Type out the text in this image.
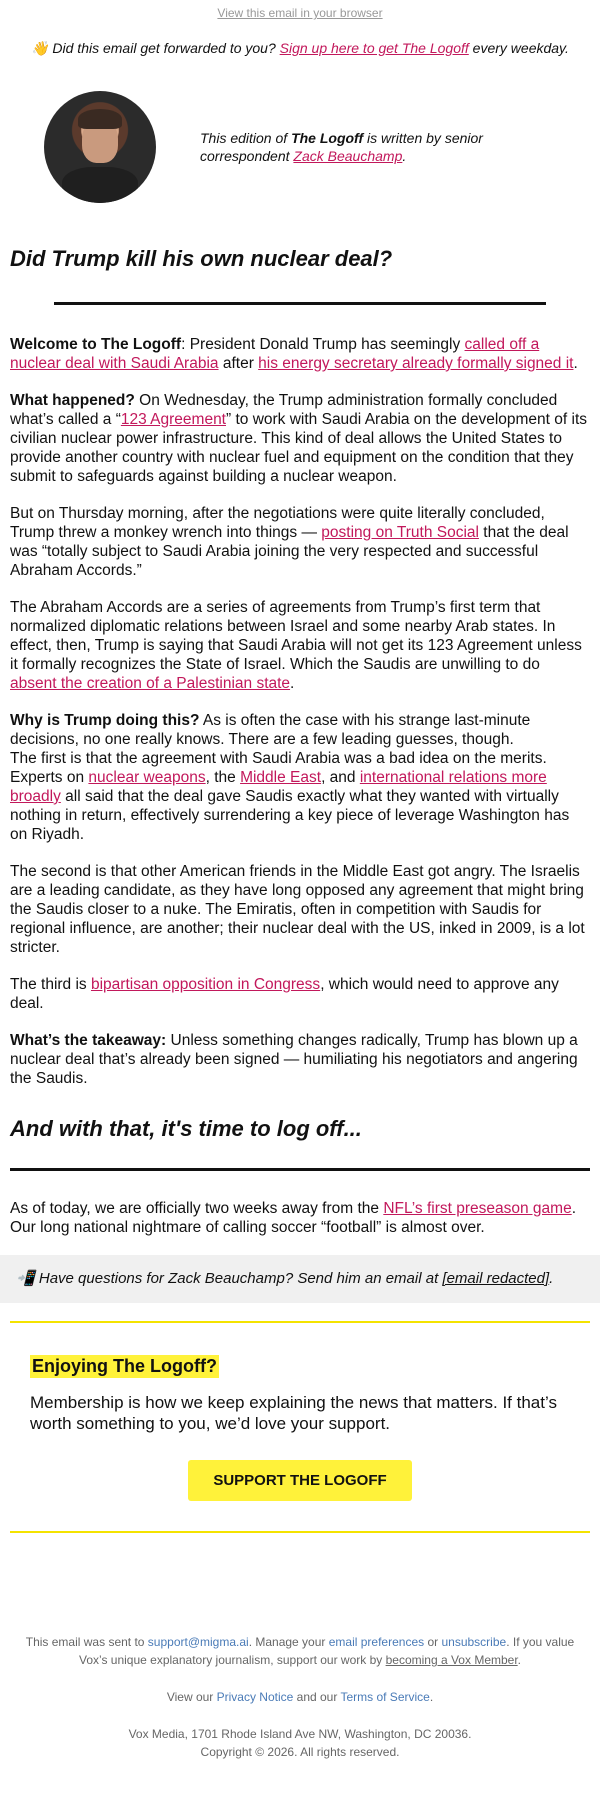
View this email in your browser
👋 Did this email get forwarded to you? Sign up here to get The Logoff every weekday.
This edition of The Logoff is written by senior correspondent Zack Beauchamp.
Did Trump kill his own nuclear deal?

Welcome to The Logoff: President Donald Trump has seemingly called off a nuclear deal with Saudi Arabia after his energy secretary already formally signed it.

What happened? On Wednesday, the Trump administration formally concluded what’s called a “123 Agreement” to work with Saudi Arabia on the development of its civilian nuclear power infrastructure. This kind of deal allows the United States to provide another country with nuclear fuel and equipment on the condition that they submit to safeguards against building a nuclear weapon.

But on Thursday morning, after the negotiations were quite literally concluded, Trump threw a monkey wrench into things — posting on Truth Social that the deal was “totally subject to Saudi Arabia joining the very respected and successful Abraham Accords.”

The Abraham Accords are a series of agreements from Trump’s first term that normalized diplomatic relations between Israel and some nearby Arab states. In effect, then, Trump is saying that Saudi Arabia will not get its 123 Agreement unless it formally recognizes the State of Israel. Which the Saudis are unwilling to do absent the creation of a Palestinian state.

Why is Trump doing this? As is often the case with his strange last-minute decisions, no one really knows. There are a few leading guesses, though.
The first is that the agreement with Saudi Arabia was a bad idea on the merits. Experts on nuclear weapons, the Middle East, and international relations more broadly all said that the deal gave Saudis exactly what they wanted with virtually nothing in return, effectively surrendering a key piece of leverage Washington has on Riyadh.

The second is that other American friends in the Middle East got angry. The Israelis are a leading candidate, as they have long opposed any agreement that might bring the Saudis closer to a nuke. The Emiratis, often in competition with Saudis for regional influence, are another; their nuclear deal with the US, inked in 2009, is a lot stricter.

The third is bipartisan opposition in Congress, which would need to approve any deal.

What’s the takeaway: Unless something changes radically, Trump has blown up a nuclear deal that’s already been signed — humiliating his negotiators and angering the Saudis.

And with that, it's time to log off...
As of today, we are officially two weeks away from the NFL’s first preseason game. Our long national nightmare of calling soccer “football” is almost over.
📲 Have questions for Zack Beauchamp? Send him an email at [email redacted].
Enjoying The Logoff?

Membership is how we keep explaining the news that matters. If that’s worth something to you, we’d love your support.

SUPPORT THE LOGOFF

This email was sent to support@migma.ai. Manage your email preferences or unsubscribe. If you value Vox’s unique explanatory journalism, support our work by becoming a Vox Member.

View our Privacy Notice and our Terms of Service.

Vox Media, 1701 Rhode Island Ave NW, Washington, DC 20036.
Copyright © 2026. All rights reserved.
